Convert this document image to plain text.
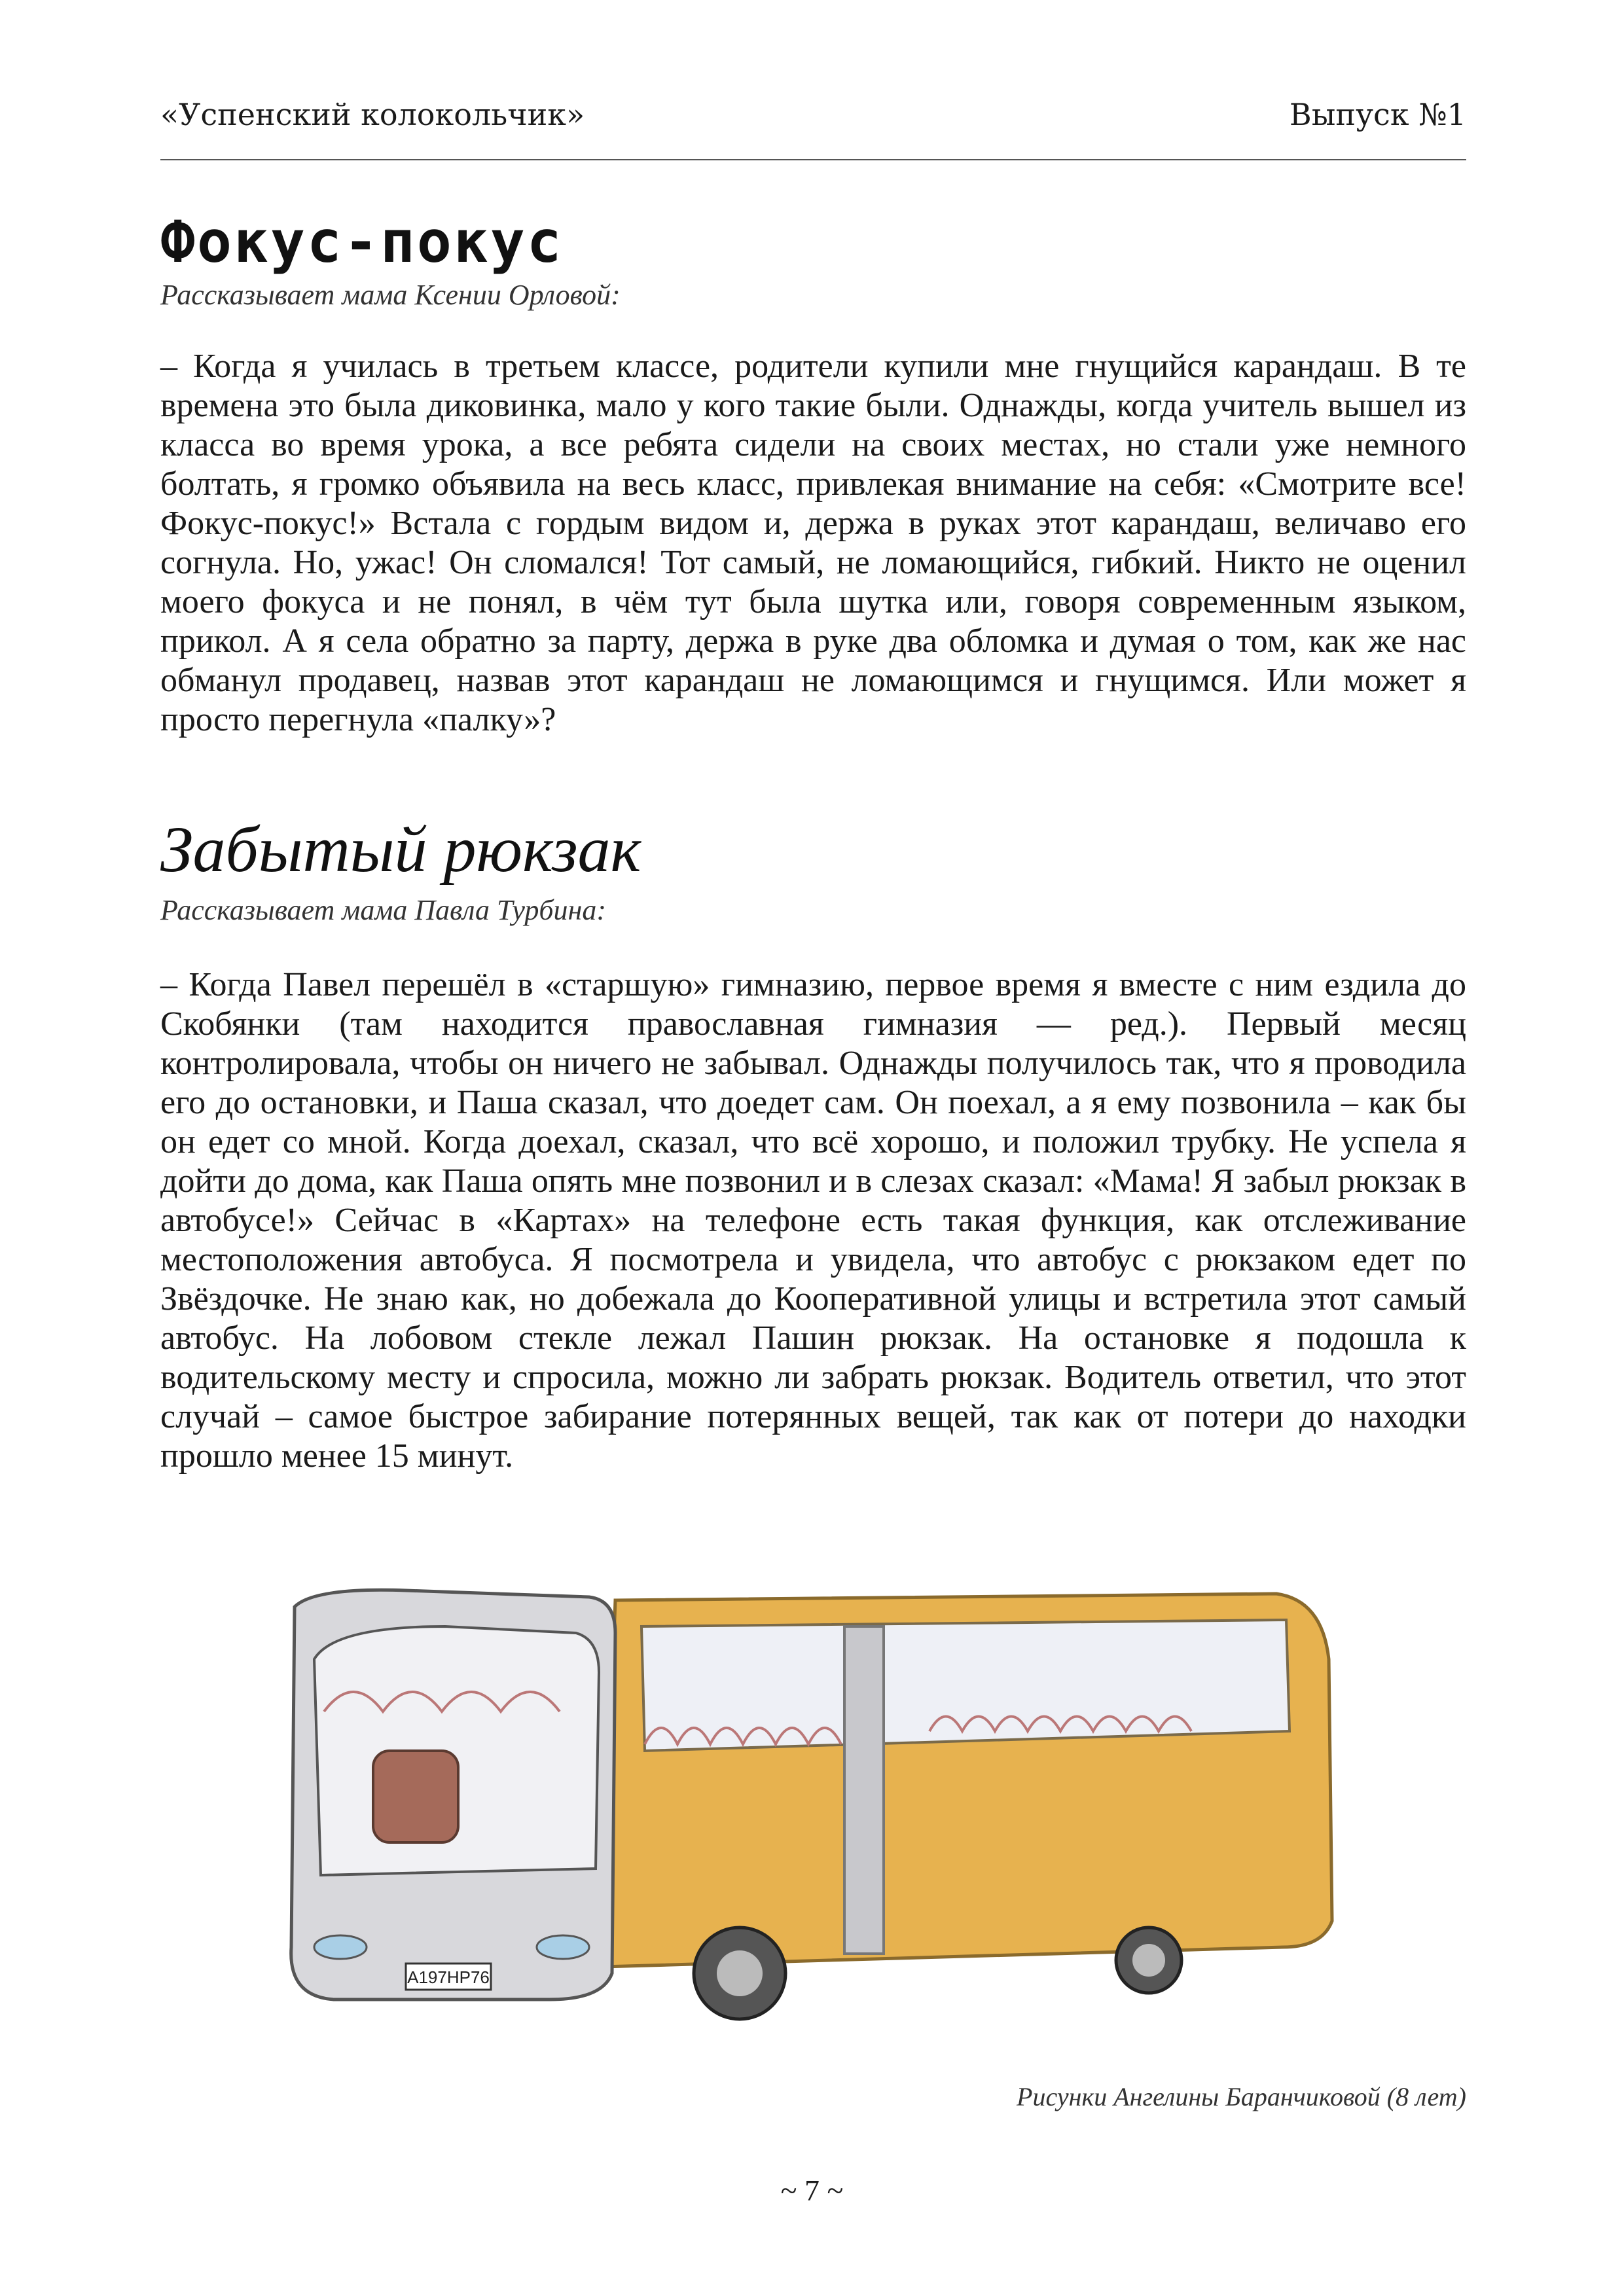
«Успенский колокольчик»	Выпуск №1
Фокус-покус
Рассказывает мама Ксении Орловой:

– Когда я училась в третьем классе, родители купили мне гнущийся карандаш. В те времена это была диковинка, мало у кого такие были. Однажды, когда учитель вышел из класса во время урока, а все ребята сидели на своих местах, но стали уже немного болтать, я громко объявила на весь класс, привлекая внимание на себя: «Смотрите все! Фокус-покус!» Встала с гордым видом и, держа в руках этот карандаш, величаво его согнула. Но, ужас! Он сломался! Тот самый, не ломающийся, гибкий. Никто не оценил моего фокуса и не понял, в чём тут была шутка или, говоря современным языком, прикол. А я села обратно за парту, держа в руке два обломка и думая о том, как же нас обманул продавец, назвав этот карандаш не ломающимся и гнущимся. Или может я просто перегнула «палку»?

Забытый рюкзак
Рассказывает мама Павла Турбина:

– Когда Павел перешёл в «старшую» гимназию, первое время я вместе с ним ездила до Скобянки (там находится православная гимназия — ред.). Первый месяц контролировала, чтобы он ничего не забывал. Однажды получилось так, что я проводила его до остановки, и Паша сказал, что доедет сам. Он поехал, а я ему позвонила – как бы он едет со мной. Когда доехал, сказал, что всё хорошо, и положил трубку. Не успела я дойти до дома, как Паша опять мне позвонил и в слезах сказал: «Мама! Я забыл рюкзак в автобусе!» Сейчас в «Картах» на телефоне есть такая функция, как отслеживание местоположения автобуса. Я посмотрела и увидела, что автобус с рюкзаком едет по Звёздочке. Не знаю как, но добежала до Кооперативной улицы и встретила этот самый автобус. На лобовом стекле лежал Пашин рюкзак. На остановке я подошла к водительскому месту и спросила, можно ли забрать рюкзак. Водитель ответил, что этот случай – самое быстрое забирание потерянных вещей, так как от потери до находки прошло менее 15 минут.

А197НР76
Рисунки Ангелины Баранчиковой (8 лет)
~ 7 ~
